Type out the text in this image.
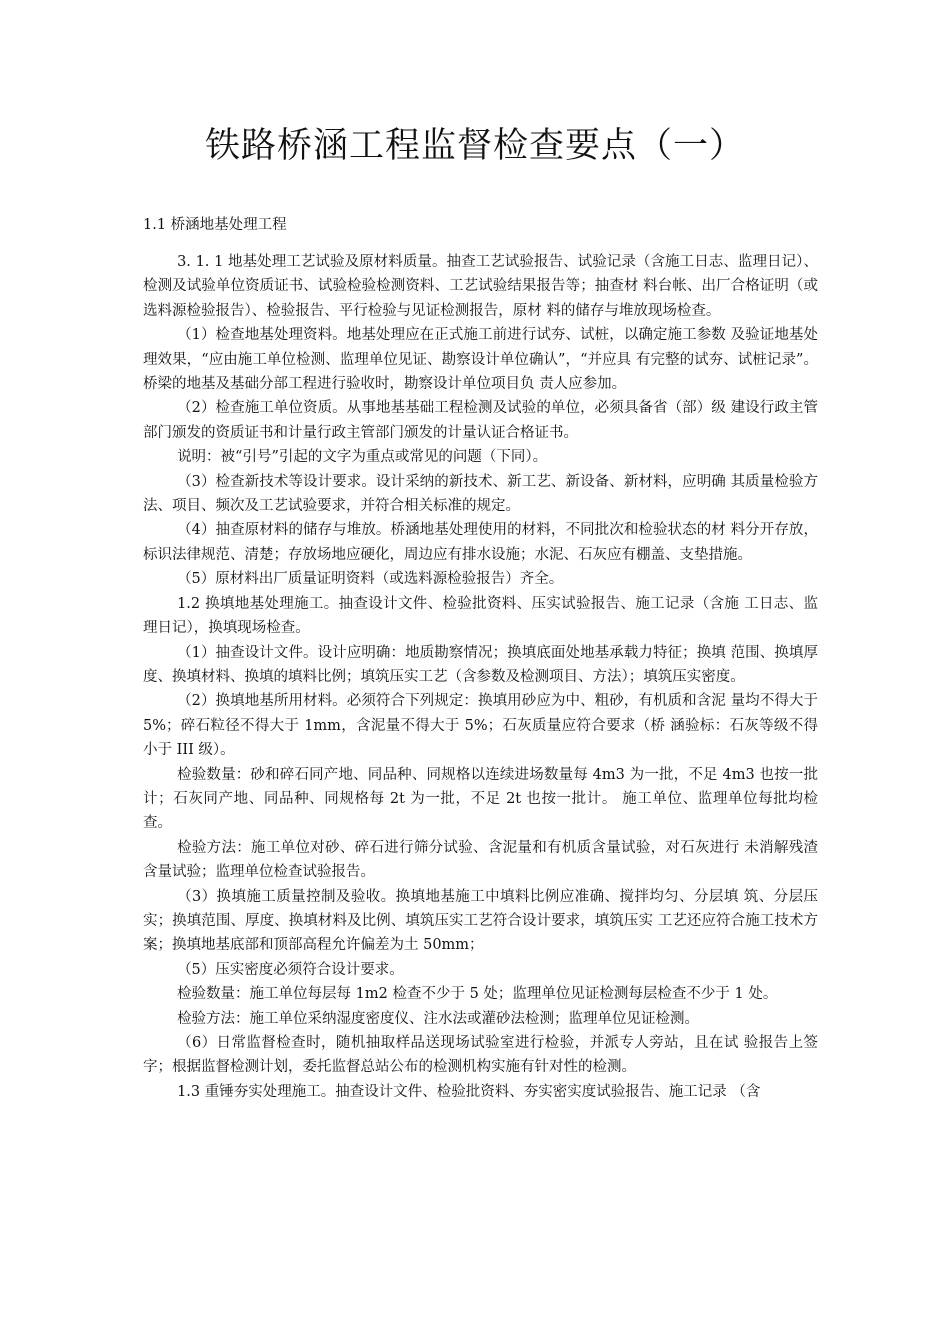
铁路桥涵工程监督检查要点（一）
1.1 桥涵地基处理工程

3. 1. 1 地基处理工艺试验及原材料质量。抽查工艺试验报告、试验记录（含施工日志、监理日记）、检测及试验单位资质证书、试验检验检测资料、工艺试验结果报告等；抽查材 料台帐、出厂合格证明（或选料源检验报告）、检验报告、平行检验与见证检测报告，原材 料的储存与堆放现场检查。

（1）检查地基处理资料。地基处理应在正式施工前进行试夯、试桩，以确定施工参数 及验证地基处理效果，“应由施工单位检测、监理单位见证、勘察设计单位确认”，“并应具 有完整的试夯、试桩记录”。桥梁的地基及基础分部工程进行验收时，勘察设计单位项目负 责人应参加。

（2）检查施工单位资质。从事地基基础工程检测及试验的单位，必须具备省（部）级 建设行政主管部门颁发的资质证书和计量行政主管部门颁发的计量认证合格证书。

说明：被“引号”引起的文字为重点或常见的问题（下同）。

（3）检查新技术等设计要求。设计采纳的新技术、新工艺、新设备、新材料，应明确 其质量检验方法、项目、频次及工艺试验要求，并符合相关标准的规定。

（4）抽查原材料的储存与堆放。桥涵地基处理使用的材料，不同批次和检验状态的材 料分开存放，标识法律规范、清楚；存放场地应硬化，周边应有排水设施；水泥、石灰应有棚盖、支垫措施。

（5）原材料出厂质量证明资料（或选料源检验报告）齐全。

1.2 换填地基处理施工。抽查设计文件、检验批资料、压实试验报告、施工记录（含施 工日志、监理日记），换填现场检查。

（1）抽查设计文件。设计应明确：地质勘察情况；换填底面处地基承载力特征；换填 范围、换填厚度、换填材料、换填的填料比例；填筑压实工艺（含参数及检测项目、方法）；填筑压实密度。

（2）换填地基所用材料。必须符合下列规定：换填用砂应为中、粗砂，有机质和含泥 量均不得大于 5%；碎石粒径不得大于 1mm，含泥量不得大于 5%；石灰质量应符合要求（桥 涵验标：石灰等级不得小于 III 级）。

检验数量：砂和碎石同产地、同品种、同规格以连续进场数量每 4m3 为一批，不足 4m3 也按一批计；石灰同产地、同品种、同规格每 2t 为一批，不足 2t 也按一批计。 施工单位、监理单位每批均检查。

检验方法：施工单位对砂、碎石进行筛分试验、含泥量和有机质含量试验，对石灰进行 未消解残渣含量试验；监理单位检查试验报告。

（3）换填施工质量控制及验收。换填地基施工中填料比例应准确、搅拌均匀、分层填 筑、分层压实；换填范围、厚度、换填材料及比例、填筑压实工艺符合设计要求，填筑压实 工艺还应符合施工技术方案；换填地基底部和顶部高程允许偏差为土 50mm；

（5）压实密度必须符合设计要求。

检验数量：施工单位每层每 1m2 检查不少于 5 处；监理单位见证检测每层检查不少于 1 处。

检验方法：施工单位采纳湿度密度仪、注水法或灌砂法检测；监理单位见证检测。

（6）日常监督检查时，随机抽取样品送现场试验室进行检验，并派专人旁站，且在试 验报告上签字；根据监督检测计划，委托监督总站公布的检测机构实施有针对性的检测。

1.3 重锤夯实处理施工。抽查设计文件、检验批资料、夯实密实度试验报告、施工记录 （含
